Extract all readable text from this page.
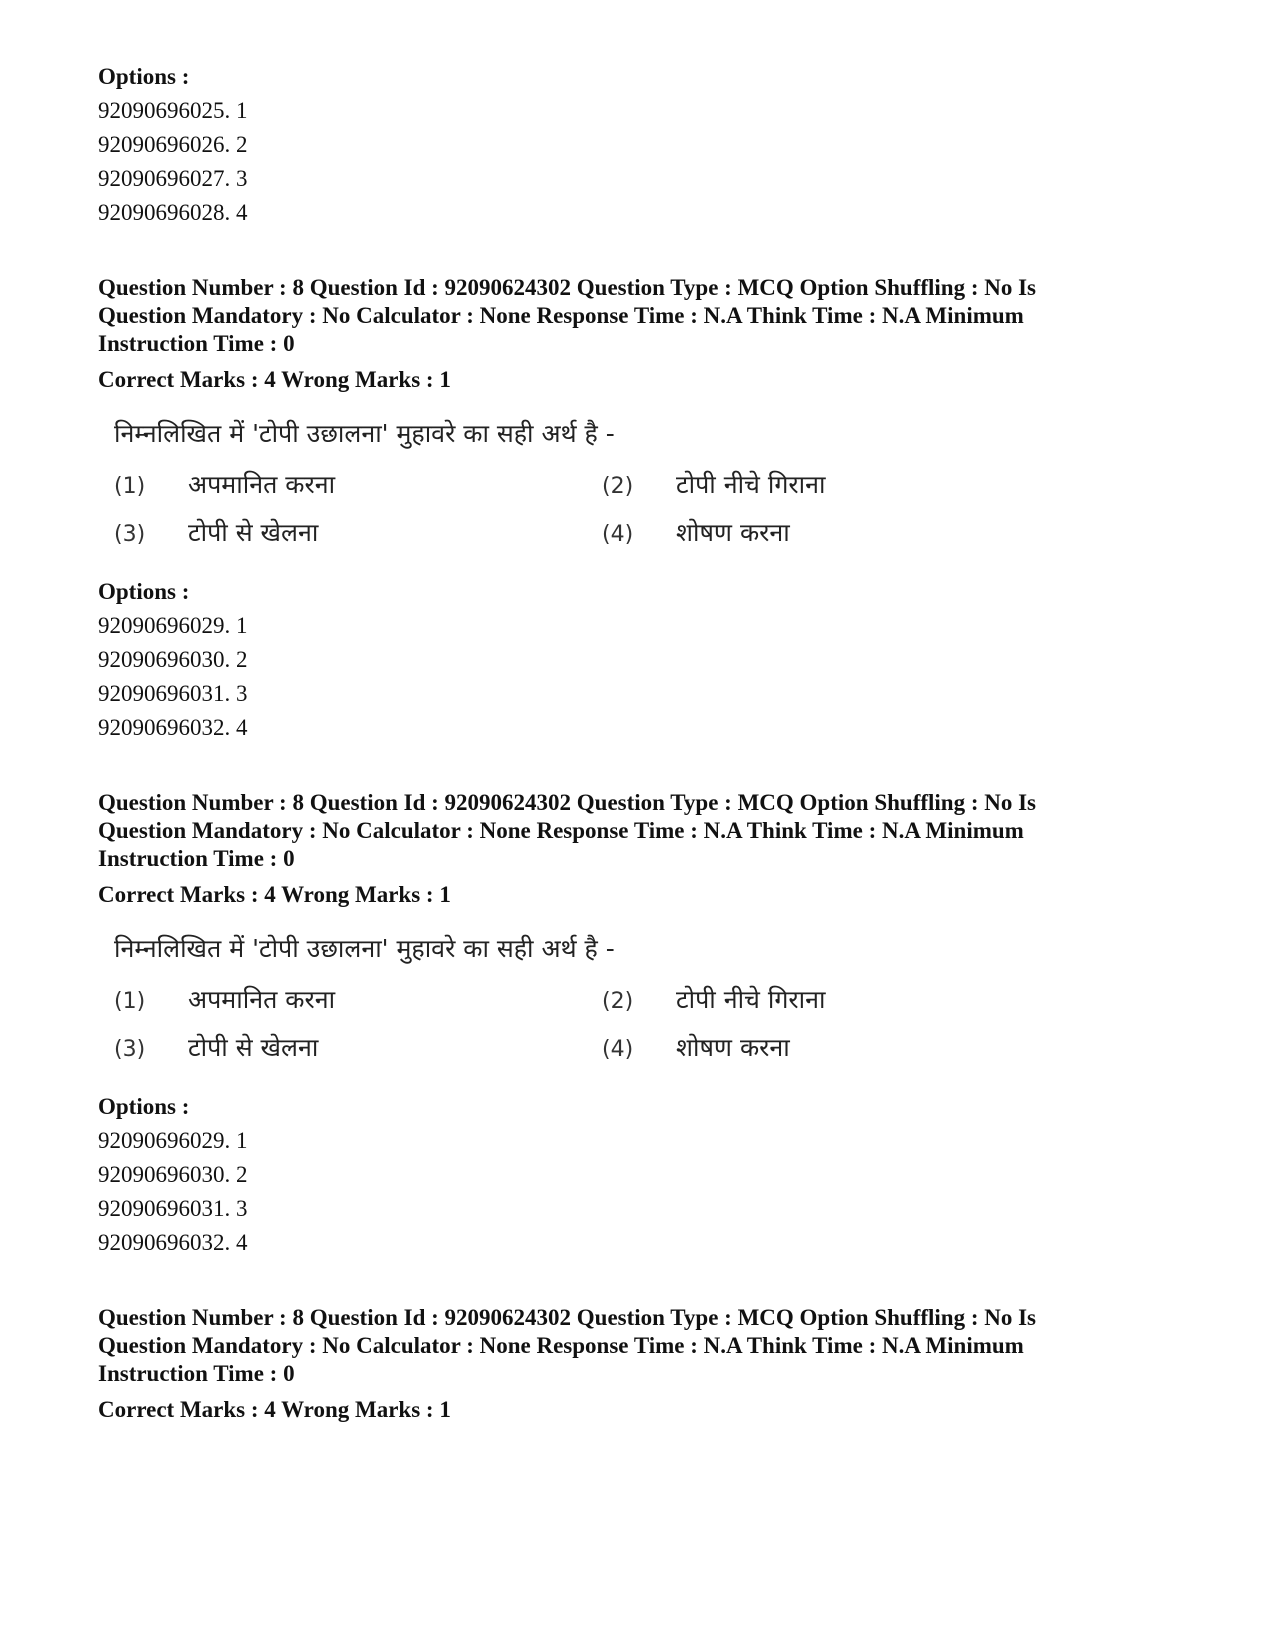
Options :

92090696025. 1

92090696026. 2

92090696027. 3

92090696028. 4

Question Number : 8 Question Id : 92090624302 Question Type : MCQ Option Shuffling : No Is

Question Mandatory : No Calculator : None Response Time : N.A Think Time : N.A Minimum

Instruction Time : 0

Correct Marks : 4 Wrong Marks : 1

निम्नलिखित में 'टोपी उछालना' मुहावरे का सही अर्थ है -

(1)	अपमानित करना	(2)	टोपी नीचे गिराना
(3)	टोपी से खेलना	(4)	शोषण करना

Options :

92090696029. 1

92090696030. 2

92090696031. 3

92090696032. 4

Question Number : 8 Question Id : 92090624302 Question Type : MCQ Option Shuffling : No Is

Question Mandatory : No Calculator : None Response Time : N.A Think Time : N.A Minimum

Instruction Time : 0

Correct Marks : 4 Wrong Marks : 1

निम्नलिखित में 'टोपी उछालना' मुहावरे का सही अर्थ है -

(1)	अपमानित करना	(2)	टोपी नीचे गिराना
(3)	टोपी से खेलना	(4)	शोषण करना

Options :

92090696029. 1

92090696030. 2

92090696031. 3

92090696032. 4

Question Number : 8 Question Id : 92090624302 Question Type : MCQ Option Shuffling : No Is

Question Mandatory : No Calculator : None Response Time : N.A Think Time : N.A Minimum

Instruction Time : 0

Correct Marks : 4 Wrong Marks : 1
